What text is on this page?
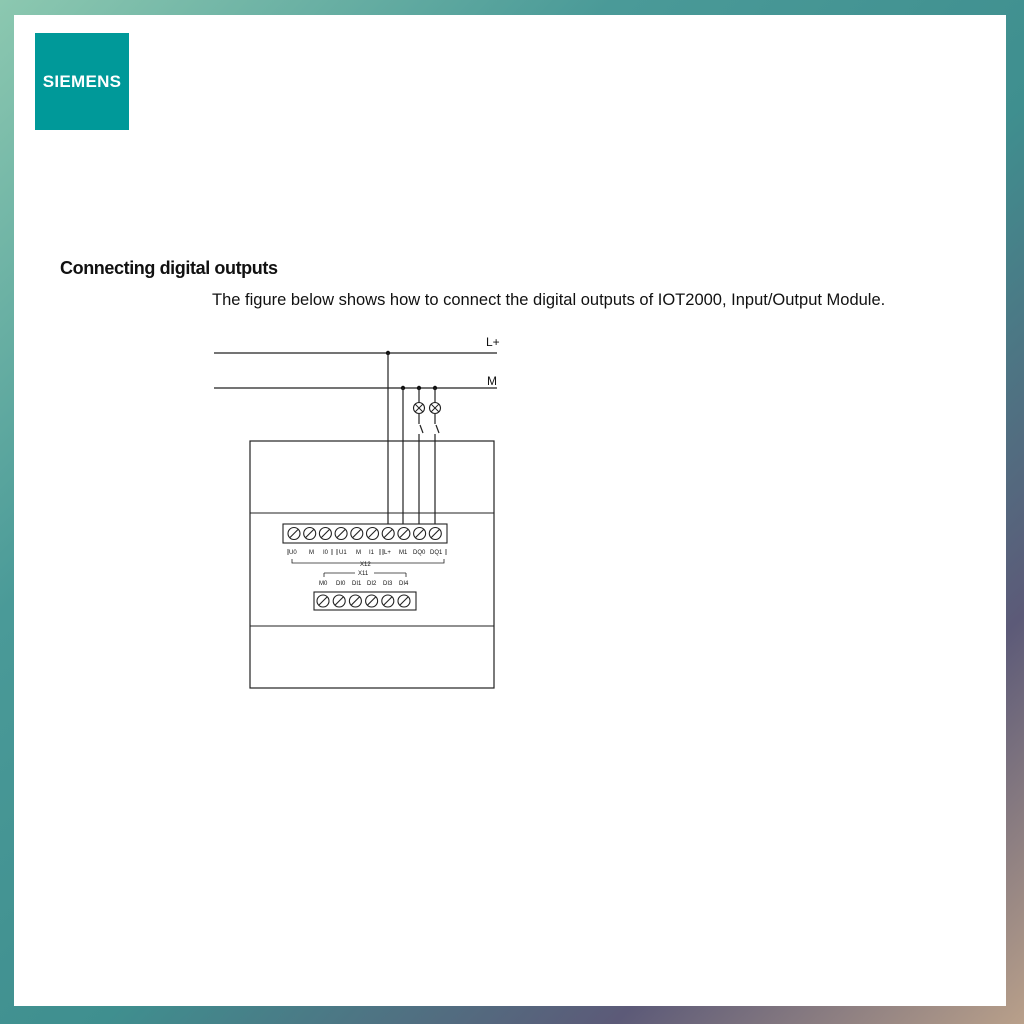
SIEMENS
Connecting digital outputs
The figure below shows how to connect the digital outputs of IOT2000, Input/Output Module.
L+
M
U0 M I0 U1 M I1 L+ M1 DQ0 DQ1
X12
X11
M0 DI0 DI1 DI2 DI3 DI4
